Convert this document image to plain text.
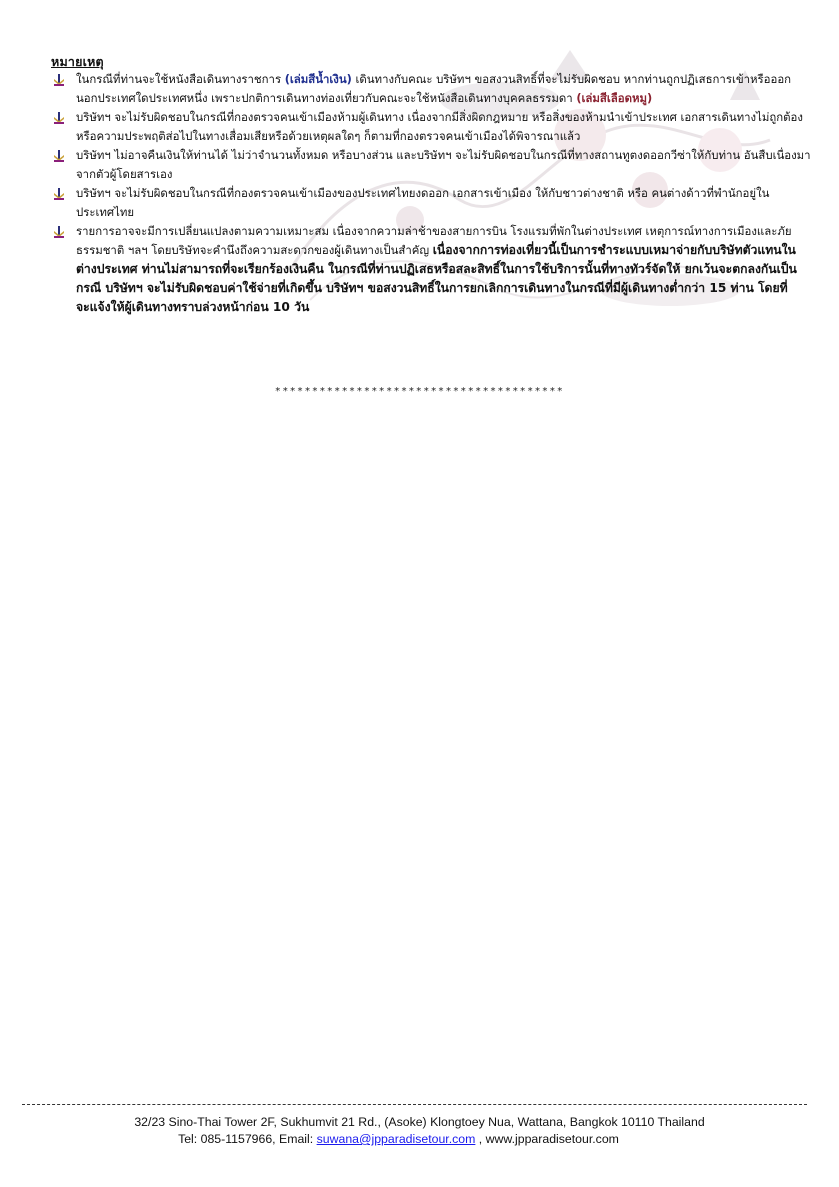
หมายเหตุ
ในกรณีที่ท่านจะใช้หนังสือเดินทางราชการ (เล่มสีน้ำเงิน) เดินทางกับคณะ บริษัทฯ ขอสงวนสิทธิ์ที่จะไม่รับผิดชอบ หากท่านถูกปฏิเสธการเข้าหรือออกนอกประเทศใดประเทศหนึ่ง เพราะปกติการเดินทางท่องเที่ยวกับคณะจะใช้หนังสือเดินทางบุคคลธรรมดา (เล่มสีเลือดหมู)
บริษัทฯ จะไม่รับผิดชอบในกรณีที่กองตรวจคนเข้าเมืองห้ามผู้เดินทาง เนื่องจากมีสิ่งผิดกฎหมาย หรือสิ่งของห้ามนำเข้าประเทศ เอกสารเดินทางไม่ถูกต้อง หรือความประพฤติส่อไปในทางเสื่อมเสียหรือด้วยเหตุผลใดๆ ก็ตามที่กองตรวจคนเข้าเมืองได้พิจารณาแล้ว
บริษัทฯ ไม่อาจคืนเงินให้ท่านได้ ไม่ว่าจำนวนทั้งหมด หรือบางส่วน และบริษัทฯ จะไม่รับผิดชอบในกรณีที่ทางสถานทูตงดออกวีซ่าให้กับท่าน อันสืบเนื่องมาจากตัวผู้โดยสารเอง
บริษัทฯ จะไม่รับผิดชอบในกรณีที่กองตรวจคนเข้าเมืองของประเทศไทยงดออก เอกสารเข้าเมือง ให้กับชาวต่างชาติ หรือ คนต่างด้าวที่พำนักอยู่ในประเทศไทย
รายการอาจจะมีการเปลี่ยนแปลงตามความเหมาะสม เนื่องจากความล่าช้าของสายการบิน โรงแรมที่พักในต่างประเทศ เหตุการณ์ทางการเมืองและภัยธรรมชาติ ฯลฯ โดยบริษัทจะคำนึงถึงความสะดวกของผู้เดินทางเป็นสำคัญ เนื่องจากการท่องเที่ยวนี้เป็นการชำระแบบเหมาจ่ายกับบริษัทตัวแทนในต่างประเทศ ท่านไม่สามารถที่จะเรียกร้องเงินคืน ในกรณีที่ท่านปฏิเสธหรือสละสิทธิ์ในการใช้บริการนั้นที่ทางทัวร์จัดให้ ยกเว้นจะตกลงกันเป็นกรณี บริษัทฯ จะไม่รับผิดชอบค่าใช้จ่ายที่เกิดขึ้น บริษัทฯ ขอสงวนสิทธิ์ในการยกเลิกการเดินทางในกรณีที่มีผู้เดินทางต่ำกว่า 15 ท่าน โดยที่จะแจ้งให้ผู้เดินทางทราบล่วงหน้าก่อน 10 วัน
***************************************
32/23 Sino-Thai Tower 2F, Sukhumvit 21 Rd., (Asoke) Klongtoey Nua, Wattana, Bangkok 10110 Thailand
Tel: 085-1157966, Email: suwana@jpparadisetour.com , www.jpparadisetour.com
